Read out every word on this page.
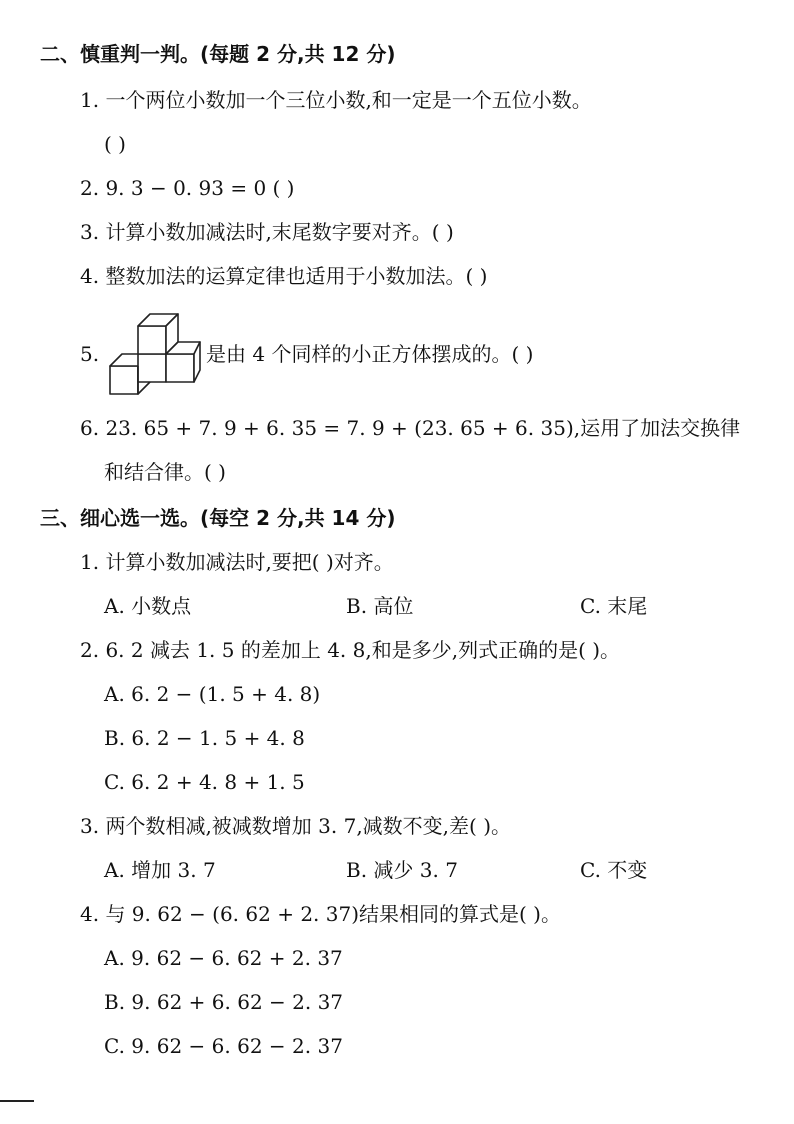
二、慎重判一判。(每题 2 分,共 12 分)
1. 一个两位小数加一个三位小数,和一定是一个五位小数。
( )
2. 9. 3 − 0. 93 = 0 ( )
3. 计算小数加减法时,末尾数字要对齐。( )
4. 整数加法的运算定律也适用于小数加法。( )
5.	是由 4 个同样的小正方体摆成的。( )
6. 23. 65 + 7. 9 + 6. 35 = 7. 9 + (23. 65 + 6. 35),运用了加法交换律
和结合律。( )
三、细心选一选。(每空 2 分,共 14 分)
1. 计算小数加减法时,要把( )对齐。
A. 小数点	B. 高位	C. 末尾
2. 6. 2 减去 1. 5 的差加上 4. 8,和是多少,列式正确的是( )。
A. 6. 2 − (1. 5 + 4. 8)
B. 6. 2 − 1. 5 + 4. 8
C. 6. 2 + 4. 8 + 1. 5
3. 两个数相减,被减数增加 3. 7,减数不变,差( )。
A. 增加 3. 7	B. 减少 3. 7	C. 不变
4. 与 9. 62 − (6. 62 + 2. 37)结果相同的算式是( )。
A. 9. 62 − 6. 62 + 2. 37
B. 9. 62 + 6. 62 − 2. 37
C. 9. 62 − 6. 62 − 2. 37
